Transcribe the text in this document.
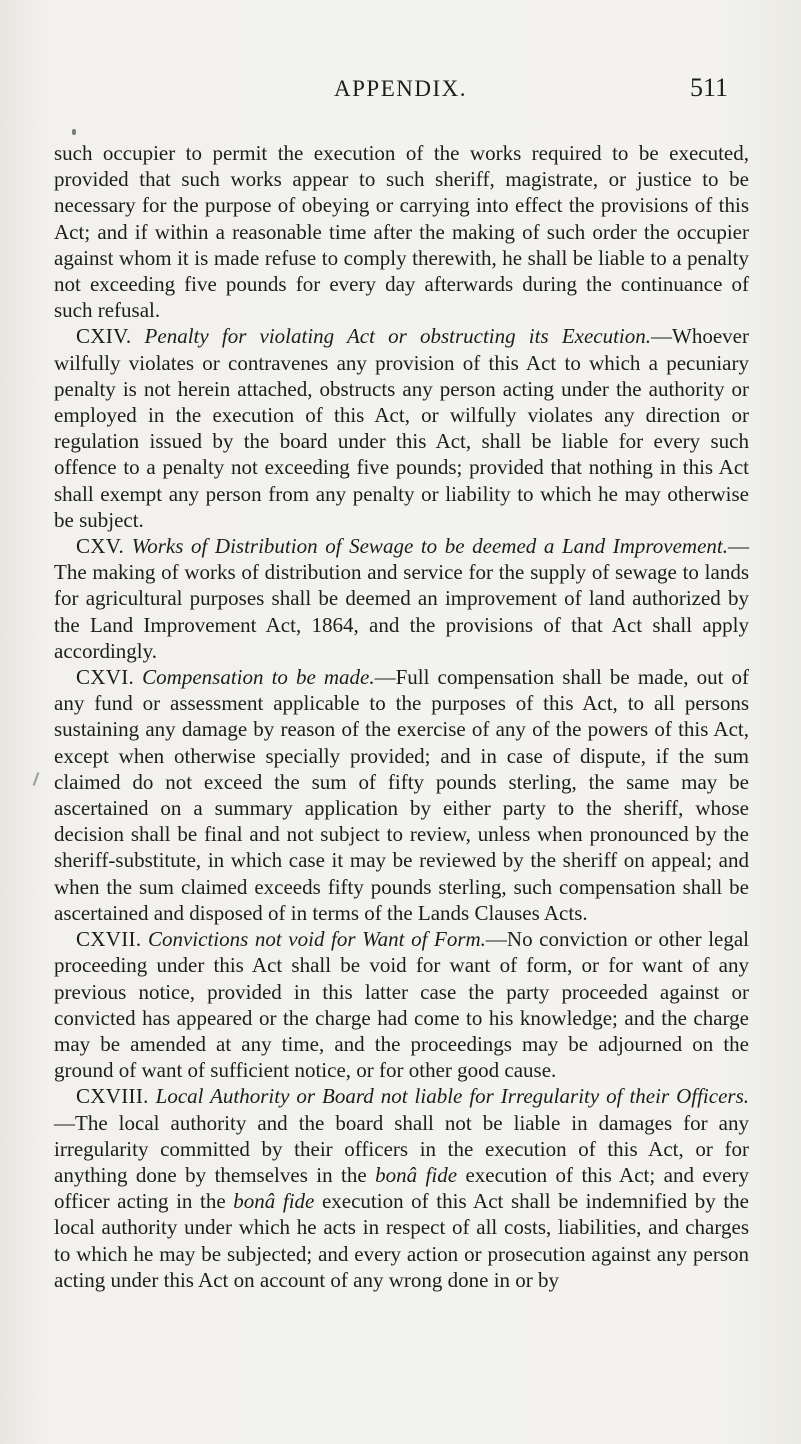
APPENDIX.	511

such occupier to permit the execution of the works required to be executed, provided that such works appear to such sheriff, magistrate, or justice to be necessary for the purpose of obeying or carrying into effect the provisions of this Act; and if within a reasonable time after the making of such order the occupier against whom it is made refuse to comply therewith, he shall be liable to a penalty not exceeding five pounds for every day afterwards during the continuance of such refusal.

CXIV. Penalty for violating Act or obstructing its Execution.—Whoever wilfully violates or contravenes any provision of this Act to which a pecuniary penalty is not herein attached, obstructs any person acting under the authority or employed in the execution of this Act, or wilfully violates any direction or regulation issued by the board under this Act, shall be liable for every such offence to a penalty not exceeding five pounds; provided that nothing in this Act shall exempt any person from any penalty or liability to which he may otherwise be subject.

CXV. Works of Distribution of Sewage to be deemed a Land Improvement.—The making of works of distribution and service for the supply of sewage to lands for agricultural purposes shall be deemed an improvement of land authorized by the Land Improvement Act, 1864, and the provisions of that Act shall apply accordingly.

CXVI. Compensation to be made.—Full compensation shall be made, out of any fund or assessment applicable to the purposes of this Act, to all persons sustaining any damage by reason of the exercise of any of the powers of this Act, except when otherwise specially provided; and in case of dispute, if the sum claimed do not exceed the sum of fifty pounds sterling, the same may be ascertained on a summary application by either party to the sheriff, whose decision shall be final and not subject to review, unless when pronounced by the sheriff-substitute, in which case it may be reviewed by the sheriff on appeal; and when the sum claimed exceeds fifty pounds sterling, such compensation shall be ascertained and disposed of in terms of the Lands Clauses Acts.

CXVII. Convictions not void for Want of Form.—No conviction or other legal proceeding under this Act shall be void for want of form, or for want of any previous notice, provided in this latter case the party proceeded against or convicted has appeared or the charge had come to his knowledge; and the charge may be amended at any time, and the proceedings may be adjourned on the ground of want of sufficient notice, or for other good cause.

CXVIII. Local Authority or Board not liable for Irregularity of their Officers.—The local authority and the board shall not be liable in damages for any irregularity committed by their officers in the execution of this Act, or for anything done by themselves in the bonâ fide execution of this Act; and every officer acting in the bonâ fide execution of this Act shall be indemnified by the local authority under which he acts in respect of all costs, liabilities, and charges to which he may be subjected; and every action or prosecution against any person acting under this Act on account of any wrong done in or by
